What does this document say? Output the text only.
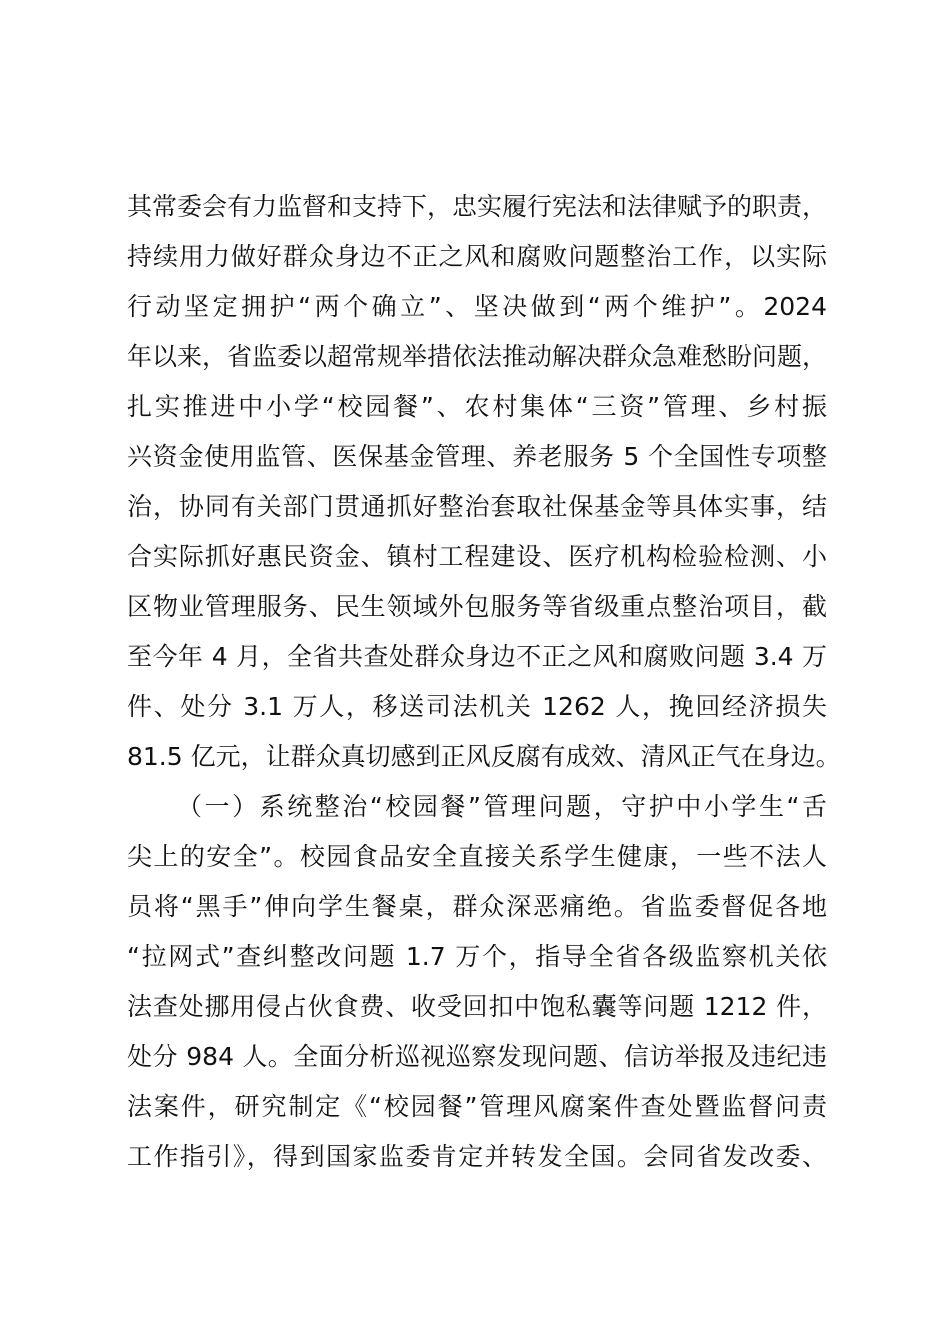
其常委会有力监督和支持下，忠实履行宪法和法律赋予的职责，
持续用力做好群众身边不正之风和腐败问题整治工作，以实际
行动坚定拥护“两个确立”、坚决做到“两个维护”。2024
年以来，省监委以超常规举措依法推动解决群众急难愁盼问题，
扎实推进中小学“校园餐”、农村集体“三资”管理、乡村振
兴资金使用监管、医保基金管理、养老服务 5 个全国性专项整
治，协同有关部门贯通抓好整治套取社保基金等具体实事，结
合实际抓好惠民资金、镇村工程建设、医疗机构检验检测、小
区物业管理服务、民生领域外包服务等省级重点整治项目，截
至今年 4 月，全省共查处群众身边不正之风和腐败问题 3.4 万
件、处分 3.1 万人，移送司法机关 1262 人，挽回经济损失
81.5 亿元，让群众真切感到正风反腐有成效、清风正气在身边。
（一）系统整治“校园餐”管理问题，守护中小学生“舌
尖上的安全”。校园食品安全直接关系学生健康，一些不法人
员将“黑手”伸向学生餐桌，群众深恶痛绝。省监委督促各地
“拉网式”查纠整改问题 1.7 万个，指导全省各级监察机关依
法查处挪用侵占伙食费、收受回扣中饱私囊等问题 1212 件，
处分 984 人。全面分析巡视巡察发现问题、信访举报及违纪违
法案件，研究制定《“校园餐”管理风腐案件查处暨监督问责
工作指引》，得到国家监委肯定并转发全国。会同省发改委、
